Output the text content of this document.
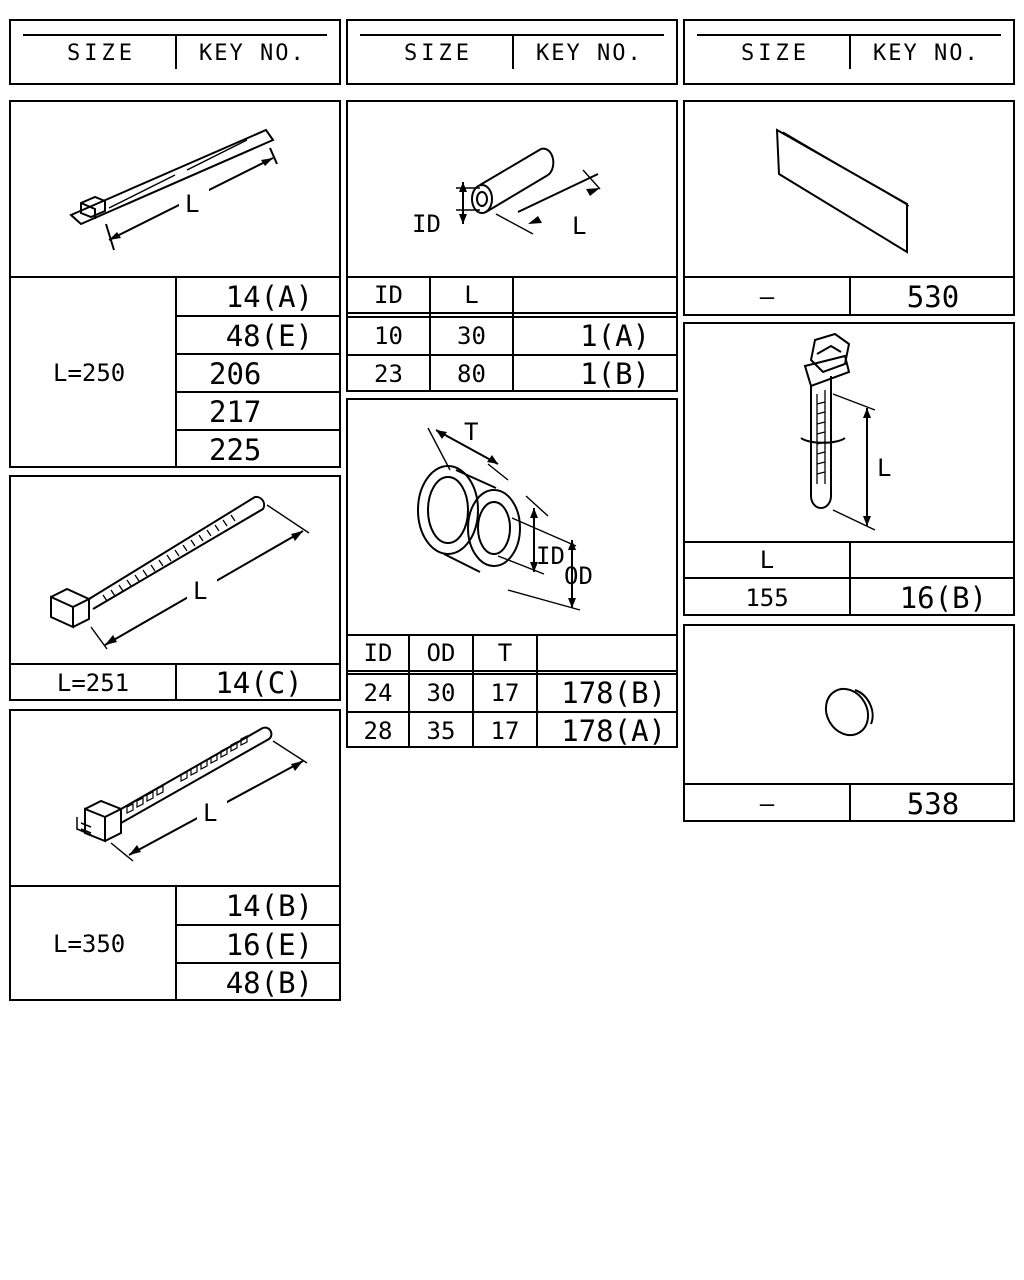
SIZE	KEY NO.	SIZE	KEY NO.	SIZE	KEY NO.
L
L=250
14(A)
48(E)
206
217
225
ID	L
ID	L
10	30	1(A)
23	80	1(B)
—	530
L
L=251	14(C)
T
ID
OD
ID	OD	T
24	30	17	178(B)
28	35	17	178(A)
L
L
155	16(B)
—	538
L
L=350
14(B)
16(E)
48(B)
